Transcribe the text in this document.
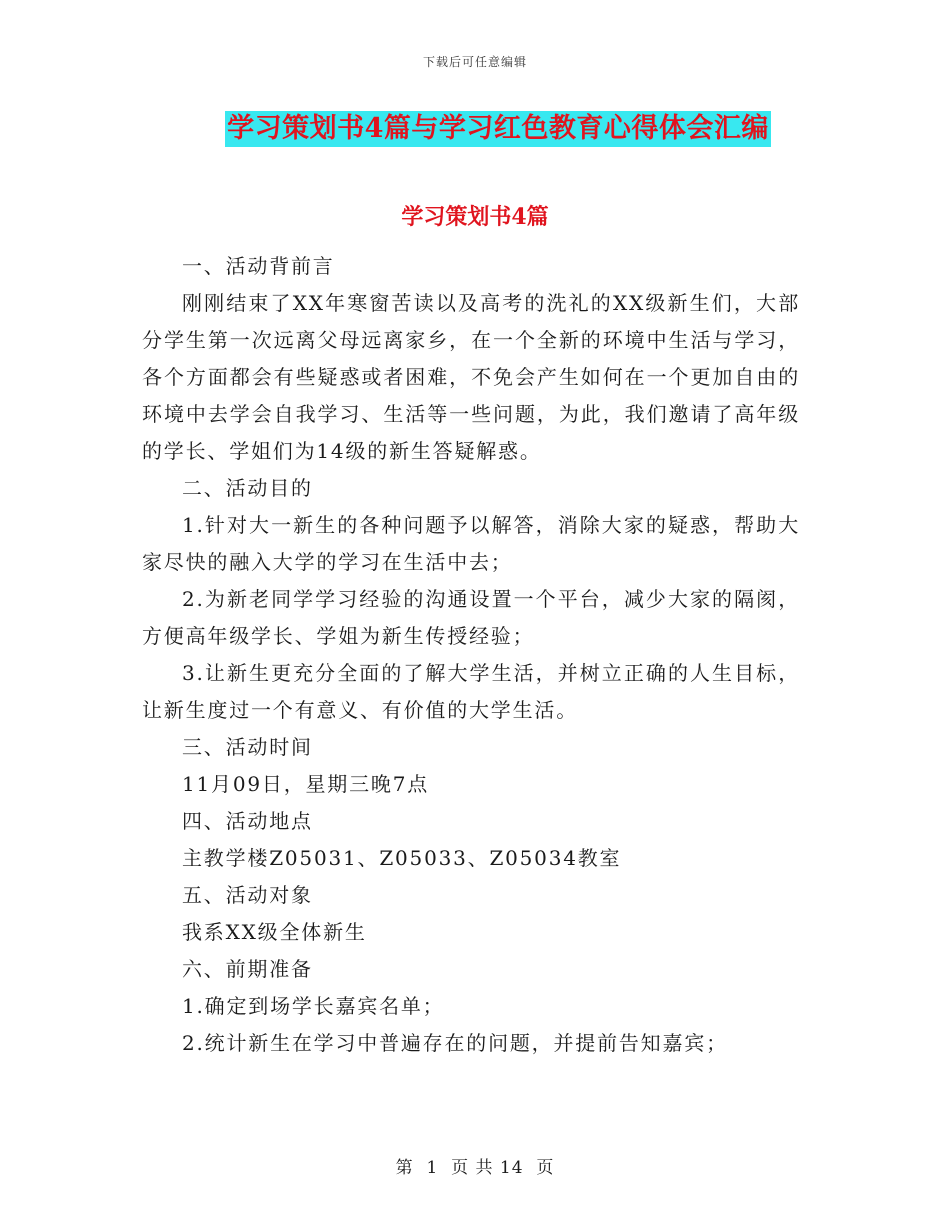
下载后可任意编辑
学习策划书4篇与学习红色教育心得体会汇编
学习策划书4篇

一、活动背前言

刚刚结束了XX年寒窗苦读以及高考的洗礼的XX级新生们，大部分学生第一次远离父母远离家乡，在一个全新的环境中生活与学习，各个方面都会有些疑惑或者困难，不免会产生如何在一个更加自由的环境中去学会自我学习、生活等一些问题，为此，我们邀请了高年级的学长、学姐们为14级的新生答疑解惑。

二、活动目的

1.针对大一新生的各种问题予以解答，消除大家的疑惑，帮助大家尽快的融入大学的学习在生活中去；

2.为新老同学学习经验的沟通设置一个平台，减少大家的隔阂，方便高年级学长、学姐为新生传授经验；

3.让新生更充分全面的了解大学生活，并树立正确的人生目标，让新生度过一个有意义、有价值的大学生活。

三、活动时间

11月09日，星期三晚7点

四、活动地点

主教学楼Z05031、Z05033、Z05034教室

五、活动对象

我系XX级全体新生

六、前期准备

1.确定到场学长嘉宾名单；

2.统计新生在学习中普遍存在的问题，并提前告知嘉宾；

第 1 页 共 14 页
